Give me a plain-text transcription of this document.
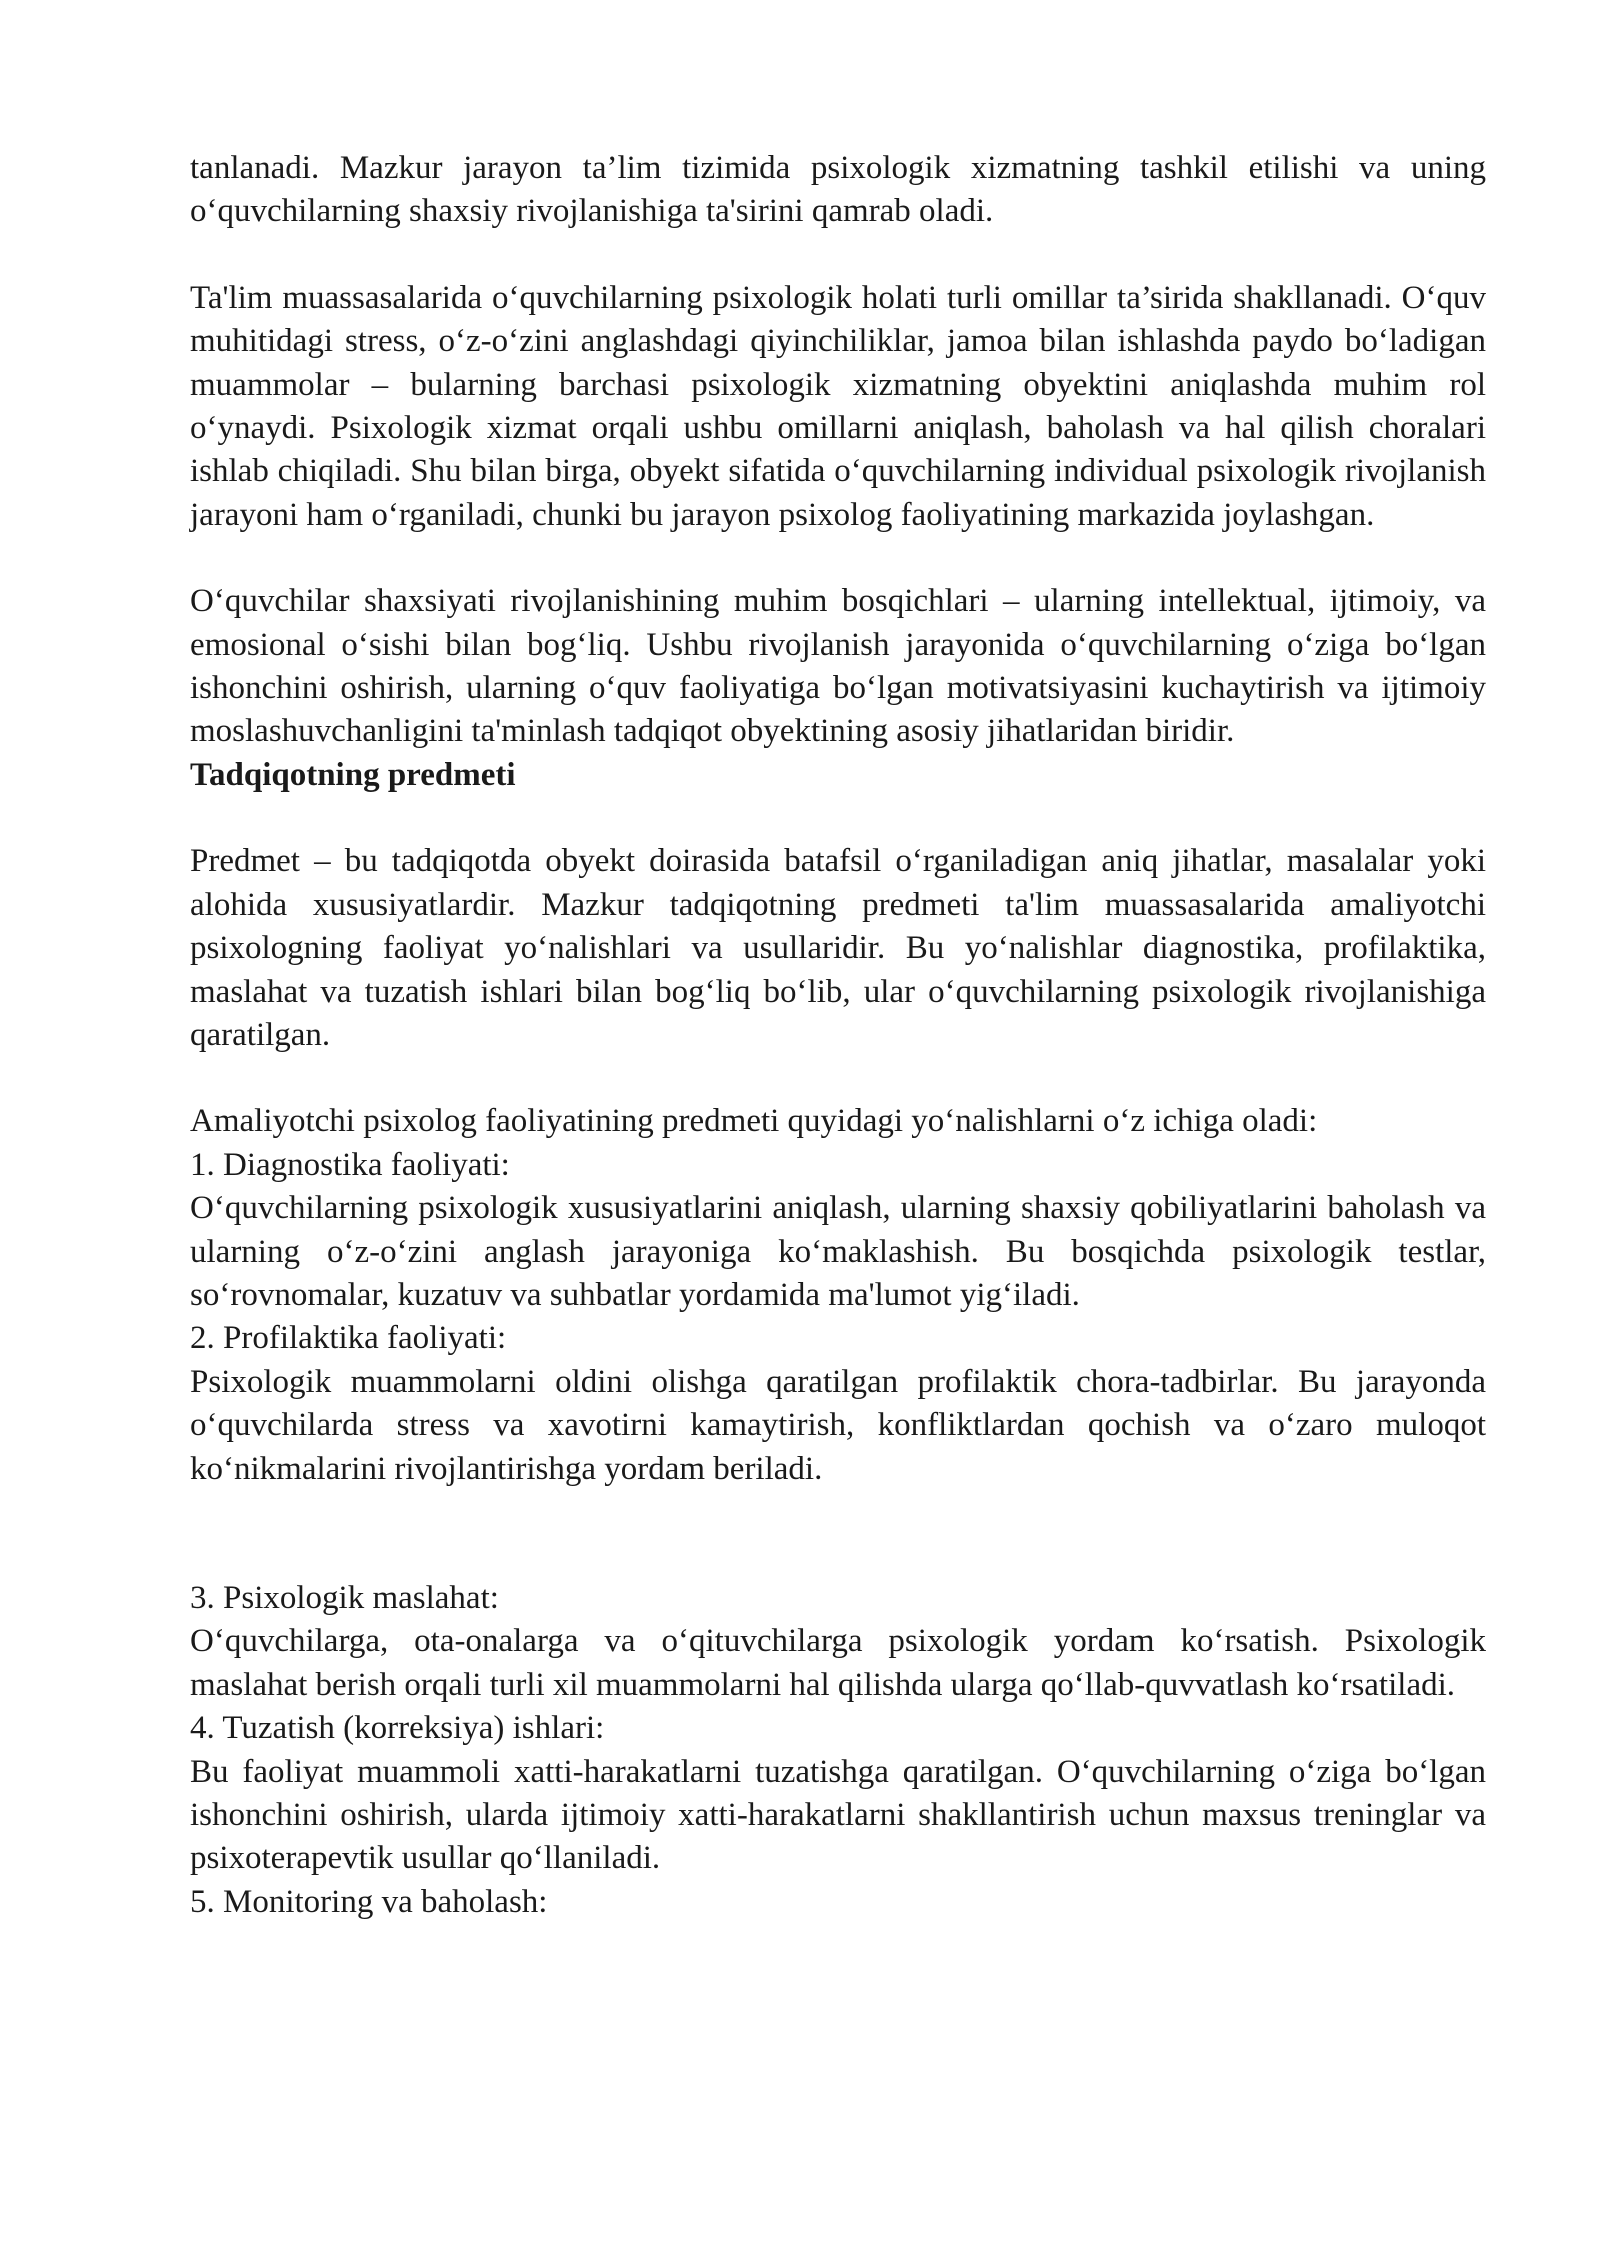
tanlanadi. Mazkur jarayon ta’lim tizimida psixologik xizmatning tashkil etilishi va uning o‘quvchilarning shaxsiy rivojlanishiga ta'sirini qamrab oladi.

Ta'lim muassasalarida o‘quvchilarning psixologik holati turli omillar ta’sirida shakllanadi. O‘quv muhitidagi stress, o‘z-o‘zini anglashdagi qiyinchiliklar, jamoa bilan ishlashda paydo bo‘ladigan muammolar – bularning barchasi psixologik xizmatning obyektini aniqlashda muhim rol o‘ynaydi. Psixologik xizmat orqali ushbu omillarni aniqlash, baholash va hal qilish choralari ishlab chiqiladi. Shu bilan birga, obyekt sifatida o‘quvchilarning individual psixologik rivojlanish jarayoni ham o‘rganiladi, chunki bu jarayon psixolog faoliyatining markazida joylashgan.

O‘quvchilar shaxsiyati rivojlanishining muhim bosqichlari – ularning intellektual, ijtimoiy, va emosional o‘sishi bilan bog‘liq. Ushbu rivojlanish jarayonida o‘quvchilarning o‘ziga bo‘lgan ishonchini oshirish, ularning o‘quv faoliyatiga bo‘lgan motivatsiyasini kuchaytirish va ijtimoiy moslashuvchanligini ta'minlash tadqiqot obyektining asosiy jihatlaridan biridir.

Tadqiqotning predmeti

Predmet – bu tadqiqotda obyekt doirasida batafsil o‘rganiladigan aniq jihatlar, masalalar yoki alohida xususiyatlardir. Mazkur tadqiqotning predmeti ta'lim muassasalarida amaliyotchi psixologning faoliyat yo‘nalishlari va usullaridir. Bu yo‘nalishlar diagnostika, profilaktika, maslahat va tuzatish ishlari bilan bog‘liq bo‘lib, ular o‘quvchilarning psixologik rivojlanishiga qaratilgan.

Amaliyotchi psixolog faoliyatining predmeti quyidagi yo‘nalishlarni o‘z ichiga oladi:

1. Diagnostika faoliyati:

O‘quvchilarning psixologik xususiyatlarini aniqlash, ularning shaxsiy qobiliyatlarini baholash va ularning o‘z-o‘zini anglash jarayoniga ko‘maklashish. Bu bosqichda psixologik testlar, so‘rovnomalar, kuzatuv va suhbatlar yordamida ma'lumot yig‘iladi.

2. Profilaktika faoliyati:

Psixologik muammolarni oldini olishga qaratilgan profilaktik chora-tadbirlar. Bu jarayonda o‘quvchilarda stress va xavotirni kamaytirish, konfliktlardan qochish va o‘zaro muloqot ko‘nikmalarini rivojlantirishga yordam beriladi.

3. Psixologik maslahat:

O‘quvchilarga, ota-onalarga va o‘qituvchilarga psixologik yordam ko‘rsatish. Psixologik maslahat berish orqali turli xil muammolarni hal qilishda ularga qo‘llab-quvvatlash ko‘rsatiladi.

4. Tuzatish (korreksiya) ishlari:

Bu faoliyat muammoli xatti-harakatlarni tuzatishga qaratilgan. O‘quvchilarning o‘ziga bo‘lgan ishonchini oshirish, ularda ijtimoiy xatti-harakatlarni shakllantirish uchun maxsus treninglar va psixoterapevtik usullar qo‘llaniladi.

5. Monitoring va baholash:
